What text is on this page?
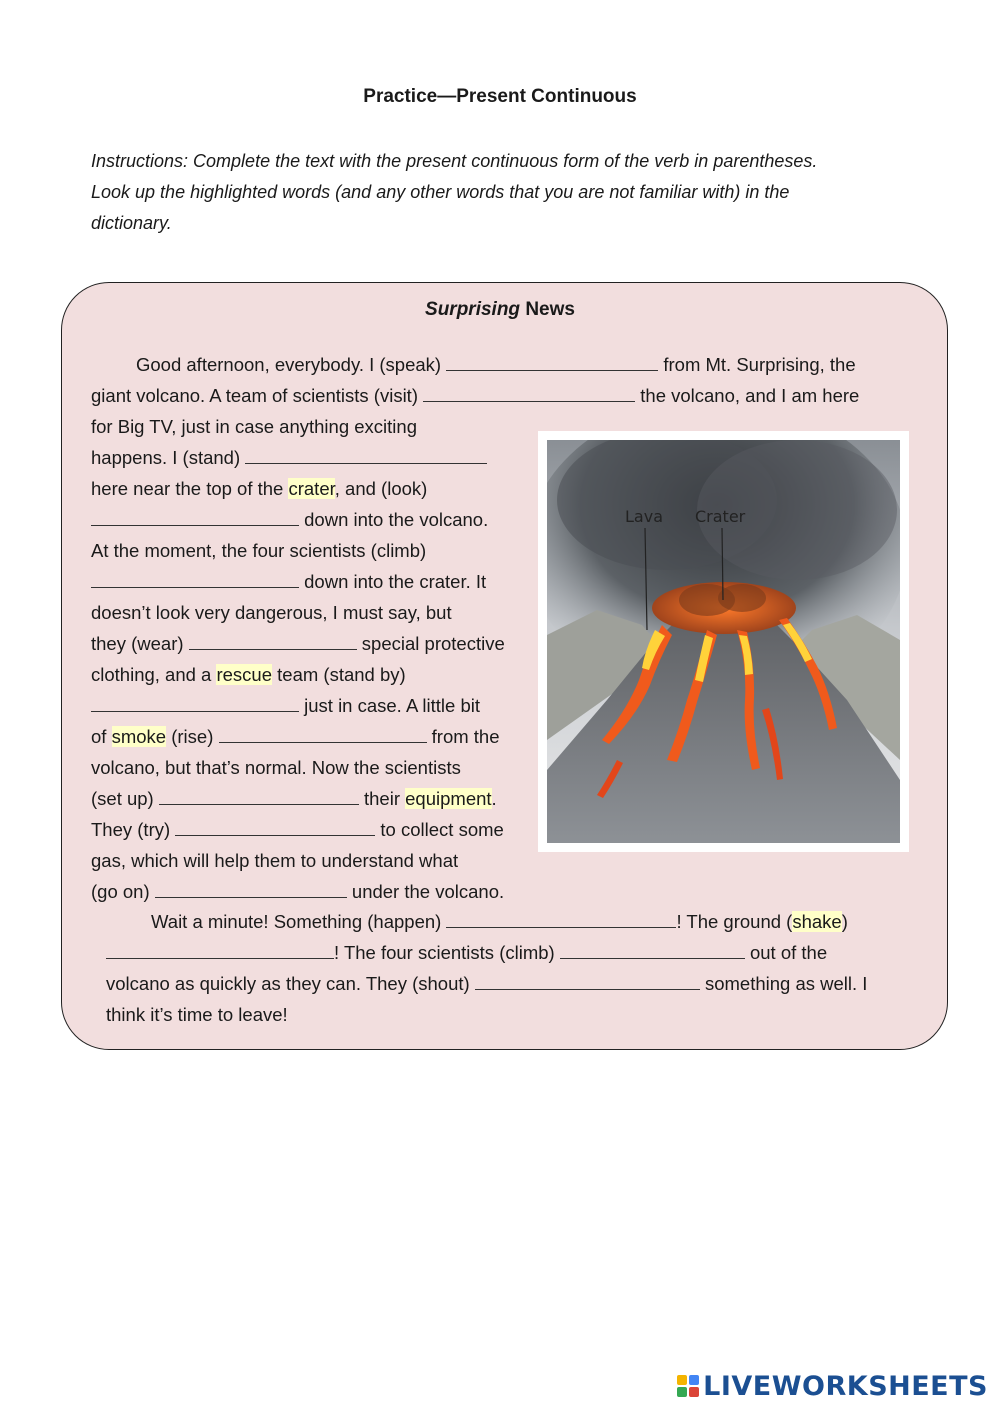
Practice—Present Continuous
Instructions: Complete the text with the present continuous form of the verb in parentheses.
Look up the highlighted words (and any other words that you are not familiar with) in the
dictionary.
Surprising News
Good afternoon, everybody. I (speak)	from Mt. Surprising, the
giant volcano. A team of scientists (visit)	the volcano, and I am here
for Big TV, just in case anything exciting
happens. I (stand)
here near the top of the crater, and (look)
down into the volcano.
At the moment, the four scientists (climb)
down into the crater. It
doesn’t look very dangerous, I must say, but
they (wear)	special protective
clothing, and a rescue team (stand by)
just in case. A little bit
of smoke (rise)	from the
volcano, but that’s normal. Now the scientists
(set up)	their equipment.
They (try)	to collect some
gas, which will help them to understand what
(go on)	under the volcano.
Wait a minute! Something (happen)	! The ground (shake)
! The four scientists (climb)	out of the
volcano as quickly as they can. They (shout)	something as well. I
think it’s time to leave!
Lava Crater
LIVEWORKSHEETS
